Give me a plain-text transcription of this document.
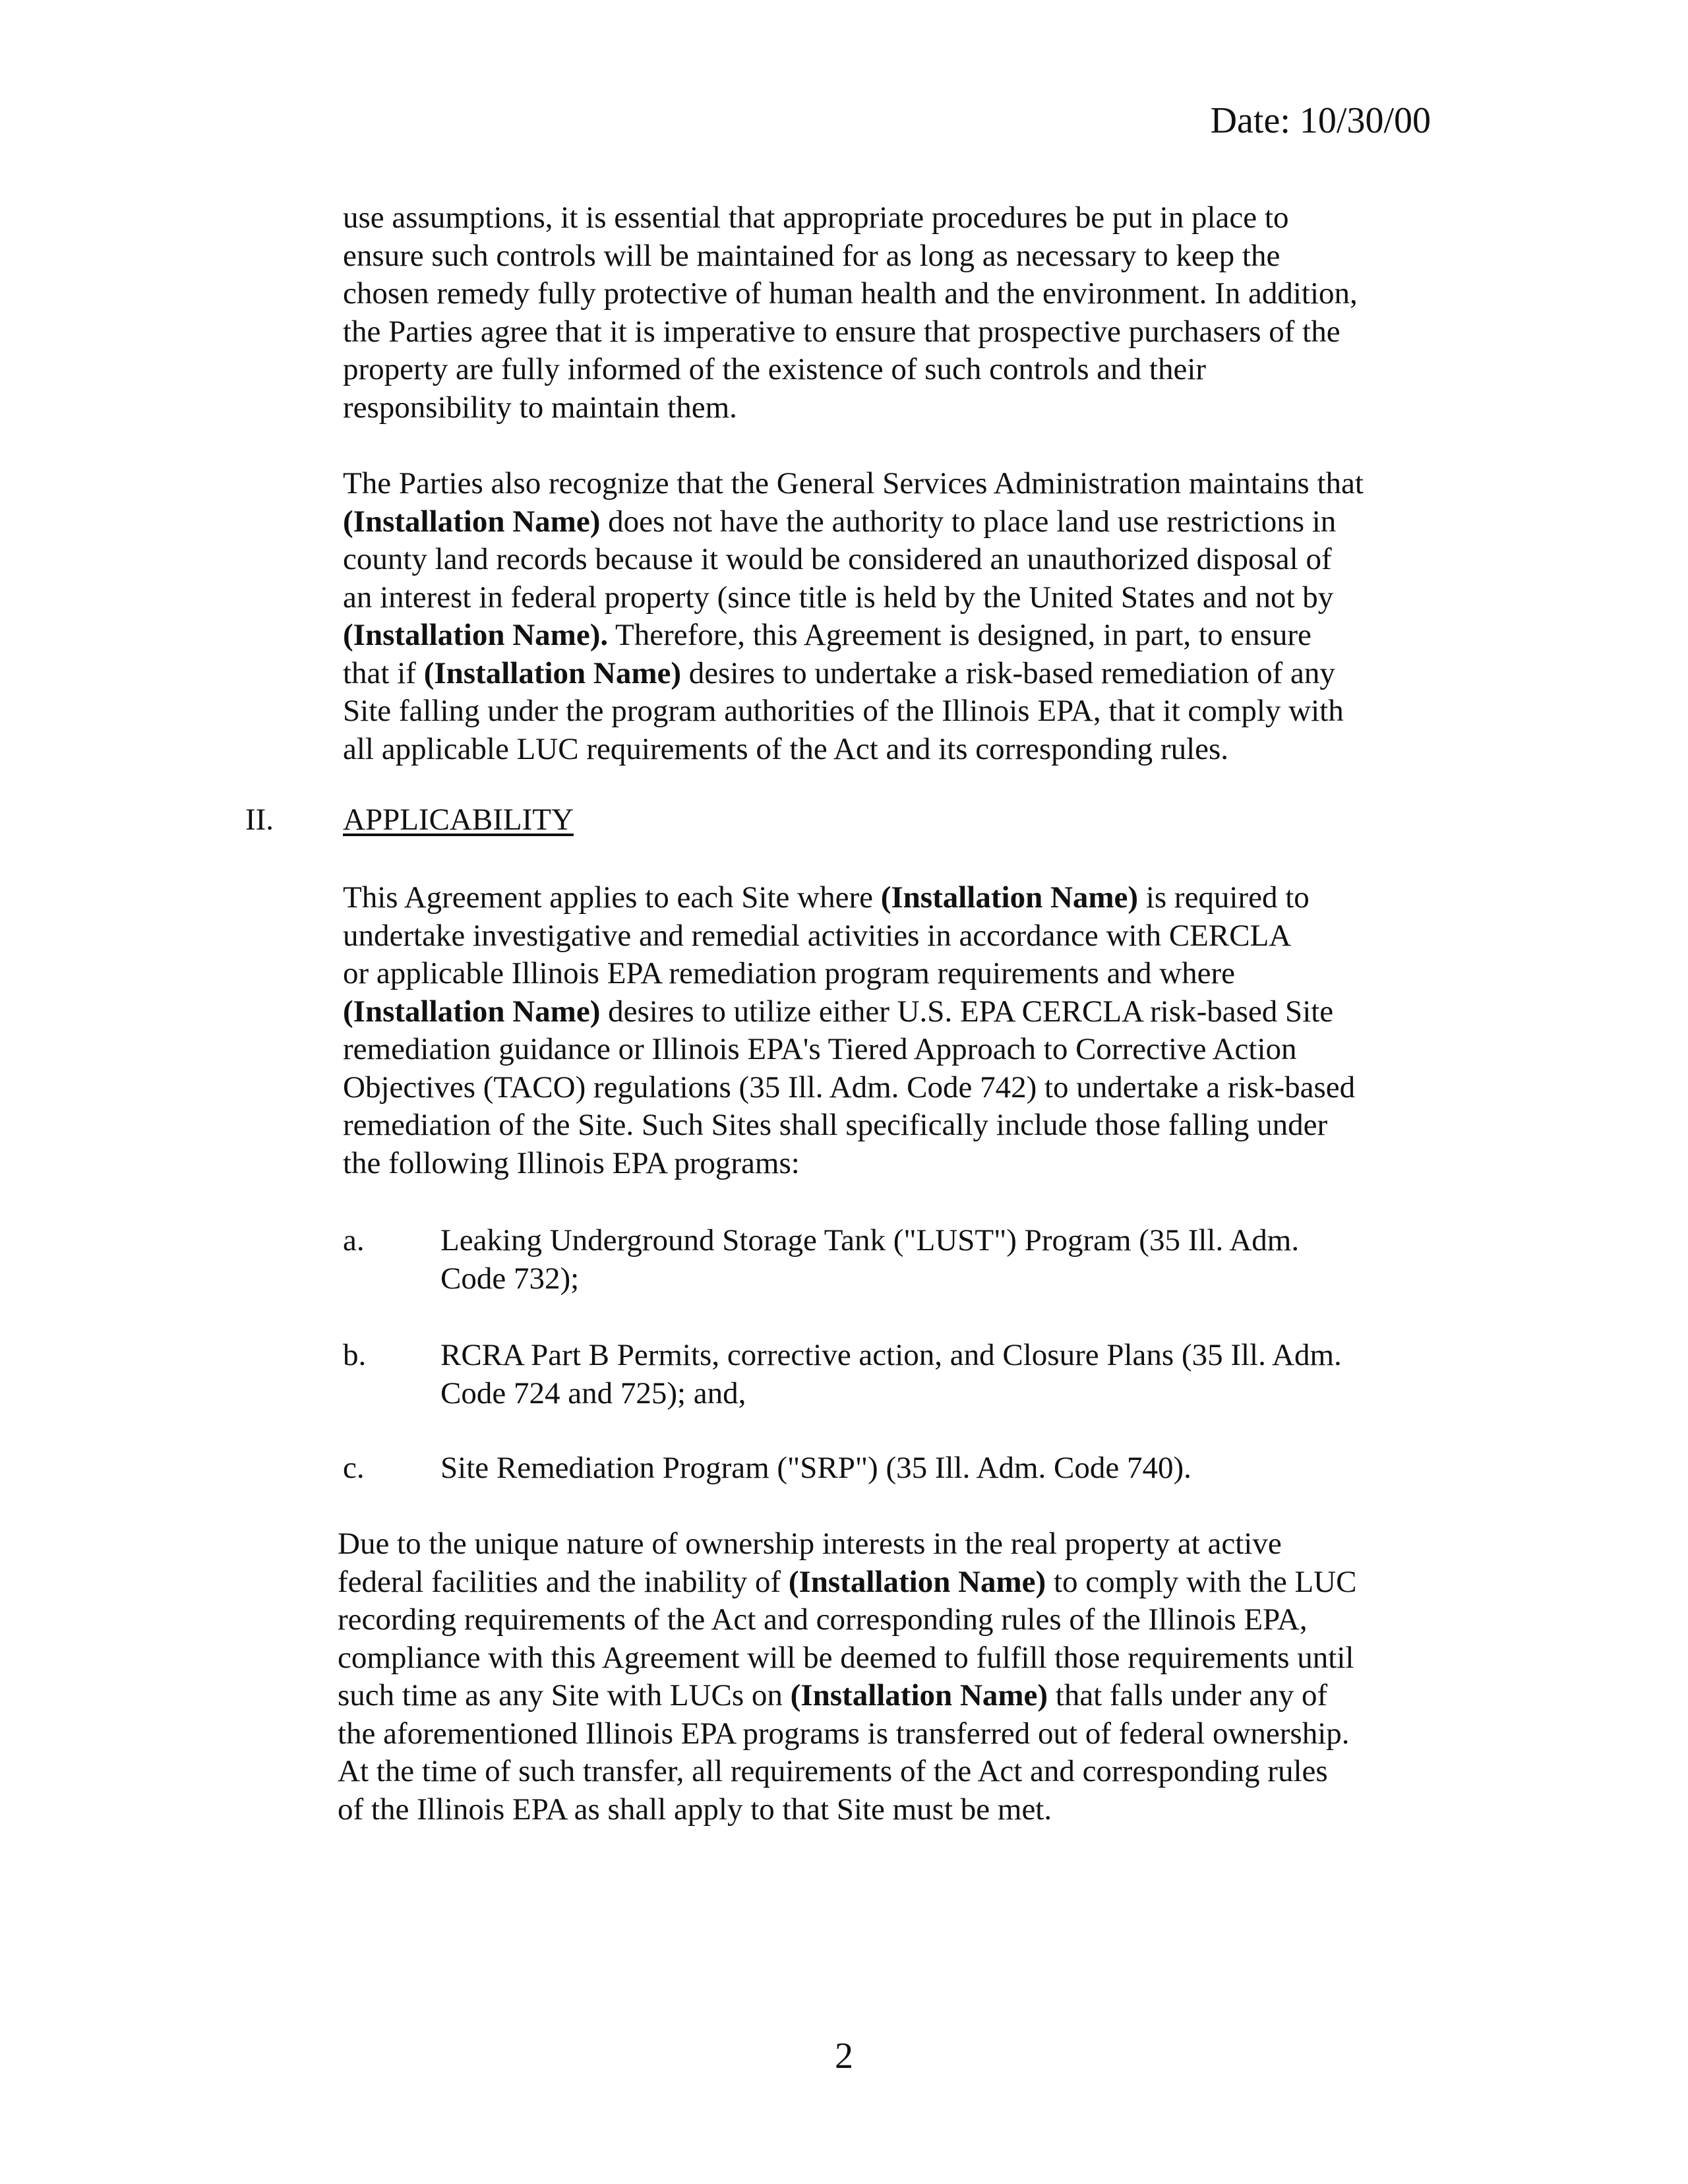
Date: 10/30/00
use assumptions, it is essential that appropriate procedures be put in place to
ensure such controls will be maintained for as long as necessary to keep the
chosen remedy fully protective of human health and the environment. In addition,
the Parties agree that it is imperative to ensure that prospective purchasers of the
property are fully informed of the existence of such controls and their
responsibility to maintain them.
The Parties also recognize that the General Services Administration maintains that
(Installation Name) does not have the authority to place land use restrictions in
county land records because it would be considered an unauthorized disposal of
an interest in federal property (since title is held by the United States and not by
(Installation Name). Therefore, this Agreement is designed, in part, to ensure
that if (Installation Name) desires to undertake a risk-based remediation of any
Site falling under the program authorities of the Illinois EPA, that it comply with
all applicable LUC requirements of the Act and its corresponding rules.
II. APPLICABILITY
This Agreement applies to each Site where (Installation Name) is required to
undertake investigative and remedial activities in accordance with CERCLA
or applicable Illinois EPA remediation program requirements and where
(Installation Name) desires to utilize either U.S. EPA CERCLA risk-based Site
remediation guidance or Illinois EPA's Tiered Approach to Corrective Action
Objectives (TACO) regulations (35 Ill. Adm. Code 742) to undertake a risk-based
remediation of the Site. Such Sites shall specifically include those falling under
the following Illinois EPA programs:
a. Leaking Underground Storage Tank ("LUST") Program (35 Ill. Adm.
Code 732);
b. RCRA Part B Permits, corrective action, and Closure Plans (35 Ill. Adm.
Code 724 and 725); and,
c. Site Remediation Program ("SRP") (35 Ill. Adm. Code 740).
Due to the unique nature of ownership interests in the real property at active
federal facilities and the inability of (Installation Name) to comply with the LUC
recording requirements of the Act and corresponding rules of the Illinois EPA,
compliance with this Agreement will be deemed to fulfill those requirements until
such time as any Site with LUCs on (Installation Name) that falls under any of
the aforementioned Illinois EPA programs is transferred out of federal ownership.
At the time of such transfer, all requirements of the Act and corresponding rules
of the Illinois EPA as shall apply to that Site must be met.
2
